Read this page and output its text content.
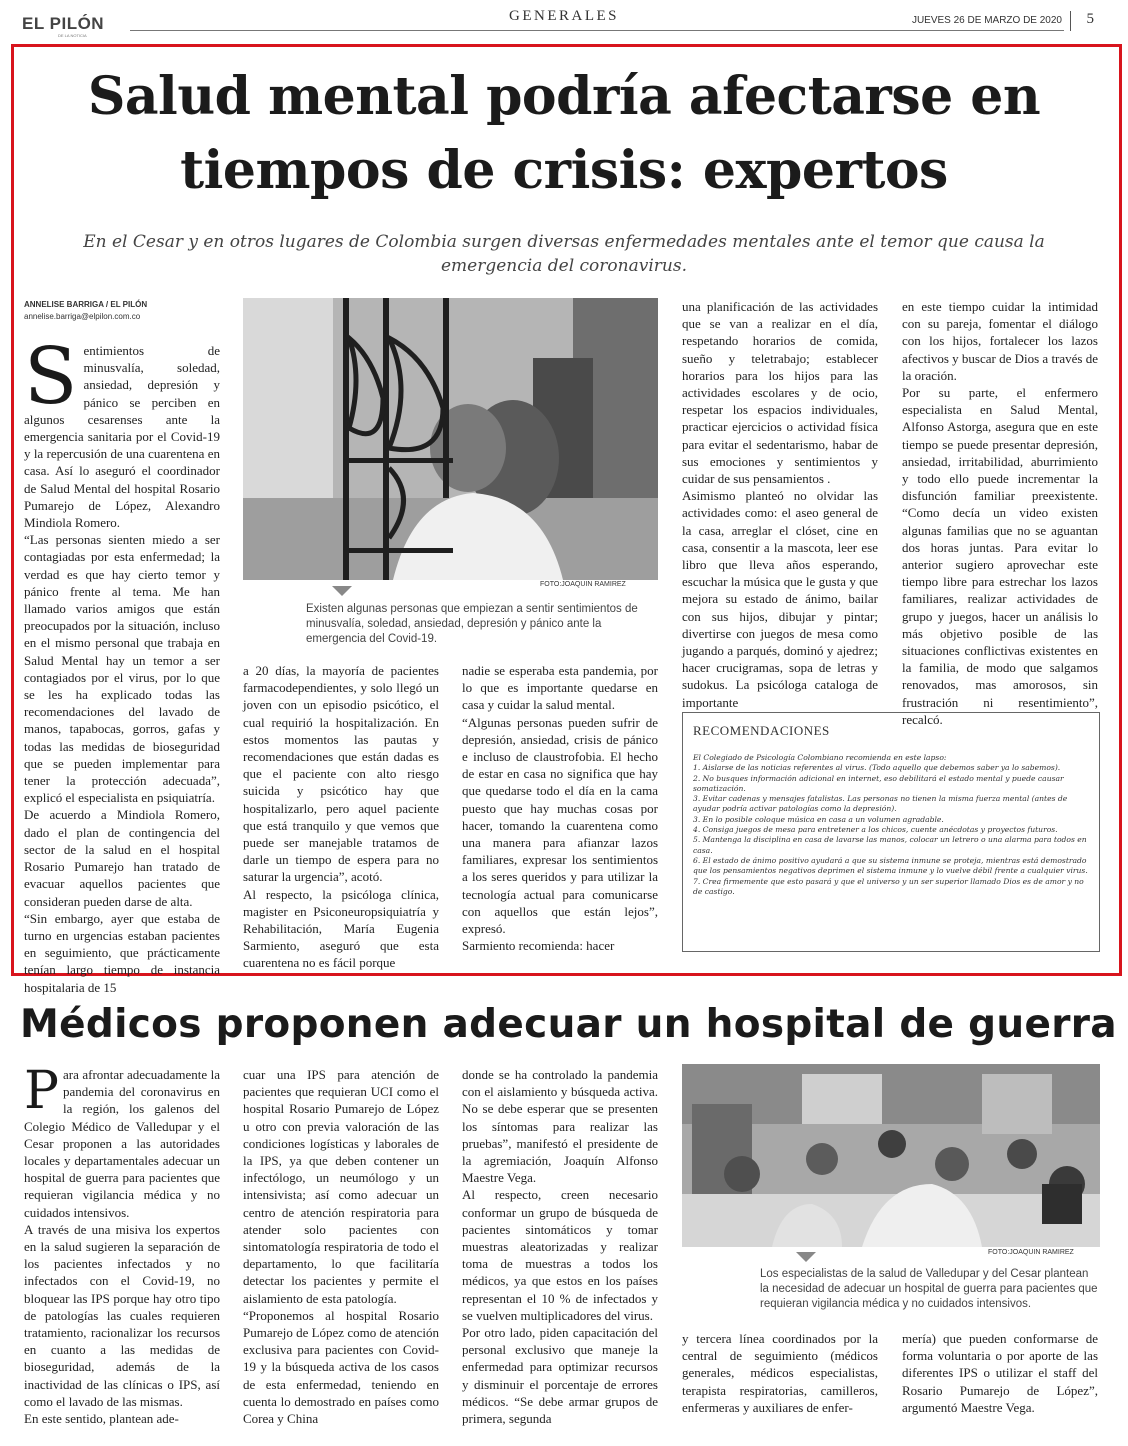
EL PILÓN
DE LA NOTICIA
GENERALES	JUEVES 26 DE MARZO DE 2020 5
Salud mental podría afectarse en tiempos de crisis: expertos
En el Cesar y en otros lugares de Colombia surgen diversas enfermedades mentales ante el temor que causa la emergencia del coronavirus.
ANNELISE BARRIGA / EL PILÓN
annelise.barriga@elpilon.com.co
S entimientos de minusvalía, soledad, ansiedad, depresión y pánico se perciben en algunos cesarenses ante la emergencia sanitaria por el Covid-19 y la repercusión de una cuarentena en casa. Así lo aseguró el coordinador de Salud Mental del hospital Rosario Pumarejo de López, Alexandro Mindiola Romero.

“Las personas sienten miedo a ser contagiadas por esta enfermedad; la verdad es que hay cierto temor y pánico frente al tema. Me han llamado varios amigos que están preocupados por la situación, incluso en el mismo personal que trabaja en Salud Mental hay un temor a ser contagiados por el virus, por lo que se les ha explicado todas las recomendaciones del lavado de manos, tapabocas, gorros, gafas y todas las medidas de bioseguridad que se pueden implementar para tener la protección adecuada”, explicó el especialista en psiquiatría.

De acuerdo a Mindiola Romero, dado el plan de contingencia del sector de la salud en el hospital Rosario Pumarejo han tratado de evacuar aquellos pacientes que consideran pueden darse de alta.

“Sin embargo, ayer que estaba de turno en urgencias estaban pacientes en seguimiento, que prácticamente tenían largo tiempo de instancia hospitalaria de 15

FOTO:JOAQUIN RAMIREZ
Existen algunas personas que empiezan a sentir sentimientos de minusvalía, soledad, ansiedad, depresión y pánico ante la emergencia del Covid-19.

a 20 días, la mayoría de pacientes farmacodependientes, y solo llegó un joven con un episodio psicótico, el cual requirió la hospitalización. En estos momentos las pautas y recomendaciones que están dadas es que el paciente con alto riesgo suicida y psicótico hay que hospitalizarlo, pero aquel paciente que está tranquilo y que vemos que puede ser manejable tratamos de darle un tiempo de espera para no saturar la urgencia”, acotó.

Al respecto, la psicóloga clínica, magister en Psiconeuropsiquiatría y Rehabilitación, María Eugenia Sarmiento, aseguró que esta cuarentena no es fácil porque

nadie se esperaba esta pandemia, por lo que es importante quedarse en casa y cuidar la salud mental.

“Algunas personas pueden sufrir de depresión, ansiedad, crisis de pánico e incluso de claustrofobia. El hecho de estar en casa no significa que hay que quedarse todo el día en la cama puesto que hay muchas cosas por hacer, tomando la cuarentena como una manera para afianzar lazos familiares, expresar los sentimientos a los seres queridos y para utilizar la tecnología actual para comunicarse con aquellos que están lejos”, expresó.

Sarmiento recomienda: hacer

una planificación de las actividades que se van a realizar en el día, respetando horarios de comida, sueño y teletrabajo; establecer horarios para los hijos para las actividades escolares y de ocio, respetar los espacios individuales, practicar ejercicios o actividad física para evitar el sedentarismo, habar de sus emociones y sentimientos y cuidar de sus pensamientos .

Asimismo planteó no olvidar las actividades como: el aseo general de la casa, arreglar el clóset, cine en casa, consentir a la mascota, leer ese libro que lleva años esperando, escuchar la música que le gusta y que mejora su estado de ánimo, bailar con sus hijos, dibujar y pintar; divertirse con juegos de mesa como jugando a parqués, dominó y ajedrez; hacer crucigramas, sopa de letras y sudokus. La psicóloga cataloga de importante

en este tiempo cuidar la intimidad con su pareja, fomentar el diálogo con los hijos, fortalecer los lazos afectivos y buscar de Dios a través de la oración.

Por su parte, el enfermero especialista en Salud Mental, Alfonso Astorga, asegura que en este tiempo se puede presentar depresión, ansiedad, irritabilidad, aburrimiento y todo ello puede incrementar la disfunción familiar preexistente. “Como decía un video existen algunas familias que no se aguantan dos horas juntas. Para evitar lo anterior sugiero aprovechar este tiempo libre para estrechar los lazos familiares, realizar actividades de grupo y juegos, hacer un análisis lo más objetivo posible de las situaciones conflictivas existentes en la familia, de modo que salgamos renovados, mas amorosos, sin frustración ni resentimiento”, recalcó.

RECOMENDACIONES
El Colegiado de Psicología Colombiano recomienda en este lapso:
1. Aislarse de las noticias referentes al virus. (Todo aquello que debemos saber ya lo sabemos).
2. No busques información adicional en internet, eso debilitará el estado mental y puede causar somatización.
3. Evitar cadenas y mensajes fatalistas. Las personas no tienen la misma fuerza mental (antes de ayudar podría activar patologías como la depresión).
3. En lo posible coloque música en casa a un volumen agradable.
4. Consiga juegos de mesa para entretener a los chicos, cuente anécdotas y proyectos futuros.
5. Mantenga la disciplina en casa de lavarse las manos, colocar un letrero o una alarma para todos en casa.
6. El estado de ánimo positivo ayudará a que su sistema inmune se proteja, mientras está demostrado que los pensamientos negativos deprimen el sistema inmune y lo vuelve débil frente a cualquier virus.
7. Crea firmemente que esto pasará y que el universo y un ser superior llamado Dios es de amor y no de castigo.
Médicos proponen adecuar un hospital de guerra
P ara afrontar adecuadamente la pandemia del coronavirus en la región, los galenos del Colegio Médico de Valledupar y el Cesar proponen a las autoridades locales y departamentales adecuar un hospital de guerra para pacientes que requieran vigilancia médica y no cuidados intensivos.

A través de una misiva los expertos en la salud sugieren la separación de los pacientes infectados y no infectados con el Covid-19, no bloquear las IPS porque hay otro tipo de patologías las cuales requieren tratamiento, racionalizar los recursos en cuanto a las medidas de bioseguridad, además de la inactividad de las clínicas o IPS, así como el lavado de las mismas.

En este sentido, plantean ade-

cuar una IPS para atención de pacientes que requieran UCI como el hospital Rosario Pumarejo de López u otro con previa valoración de las condiciones logísticas y laborales de la IPS, ya que deben contener un infectólogo, un neumólogo y un intensivista; así como adecuar un centro de atención respiratoria para atender solo pacientes con sintomatología respiratoria de todo el departamento, lo que facilitaría detectar los pacientes y permite el aislamiento de esta patología.

“Proponemos al hospital Rosario Pumarejo de López como de atención exclusiva para pacientes con Covid-19 y la búsqueda activa de los casos de esta enfermedad, teniendo en cuenta lo demostrado en países como Corea y China

donde se ha controlado la pandemia con el aislamiento y búsqueda activa. No se debe esperar que se presenten los síntomas para realizar las pruebas”, manifestó el presidente de la agremiación, Joaquín Alfonso Maestre Vega.

Al respecto, creen necesario conformar un grupo de búsqueda de pacientes sintomáticos y tomar muestras aleatorizadas y realizar toma de muestras a todos los médicos, ya que estos en los países representan el 10 % de infectados y se vuelven multiplicadores del virus.

Por otro lado, piden capacitación del personal exclusivo que maneje la enfermedad para optimizar recursos y disminuir el porcentaje de errores médicos. “Se debe armar grupos de primera, segunda

FOTO:JOAQUIN RAMIREZ
Los especialistas de la salud de Valledupar y del Cesar plantean la necesidad de adecuar un hospital de guerra para pacientes que requieran vigilancia médica y no cuidados intensivos.

y tercera línea coordinados por la central de seguimiento (médicos generales, médicos especialistas, terapista respiratorias, camilleros, enfermeras y auxiliares de enfer-

mería) que pueden conformarse de forma voluntaria o por aporte de las diferentes IPS o utilizar el staff del Rosario Pumarejo de López”, argumentó Maestre Vega.
